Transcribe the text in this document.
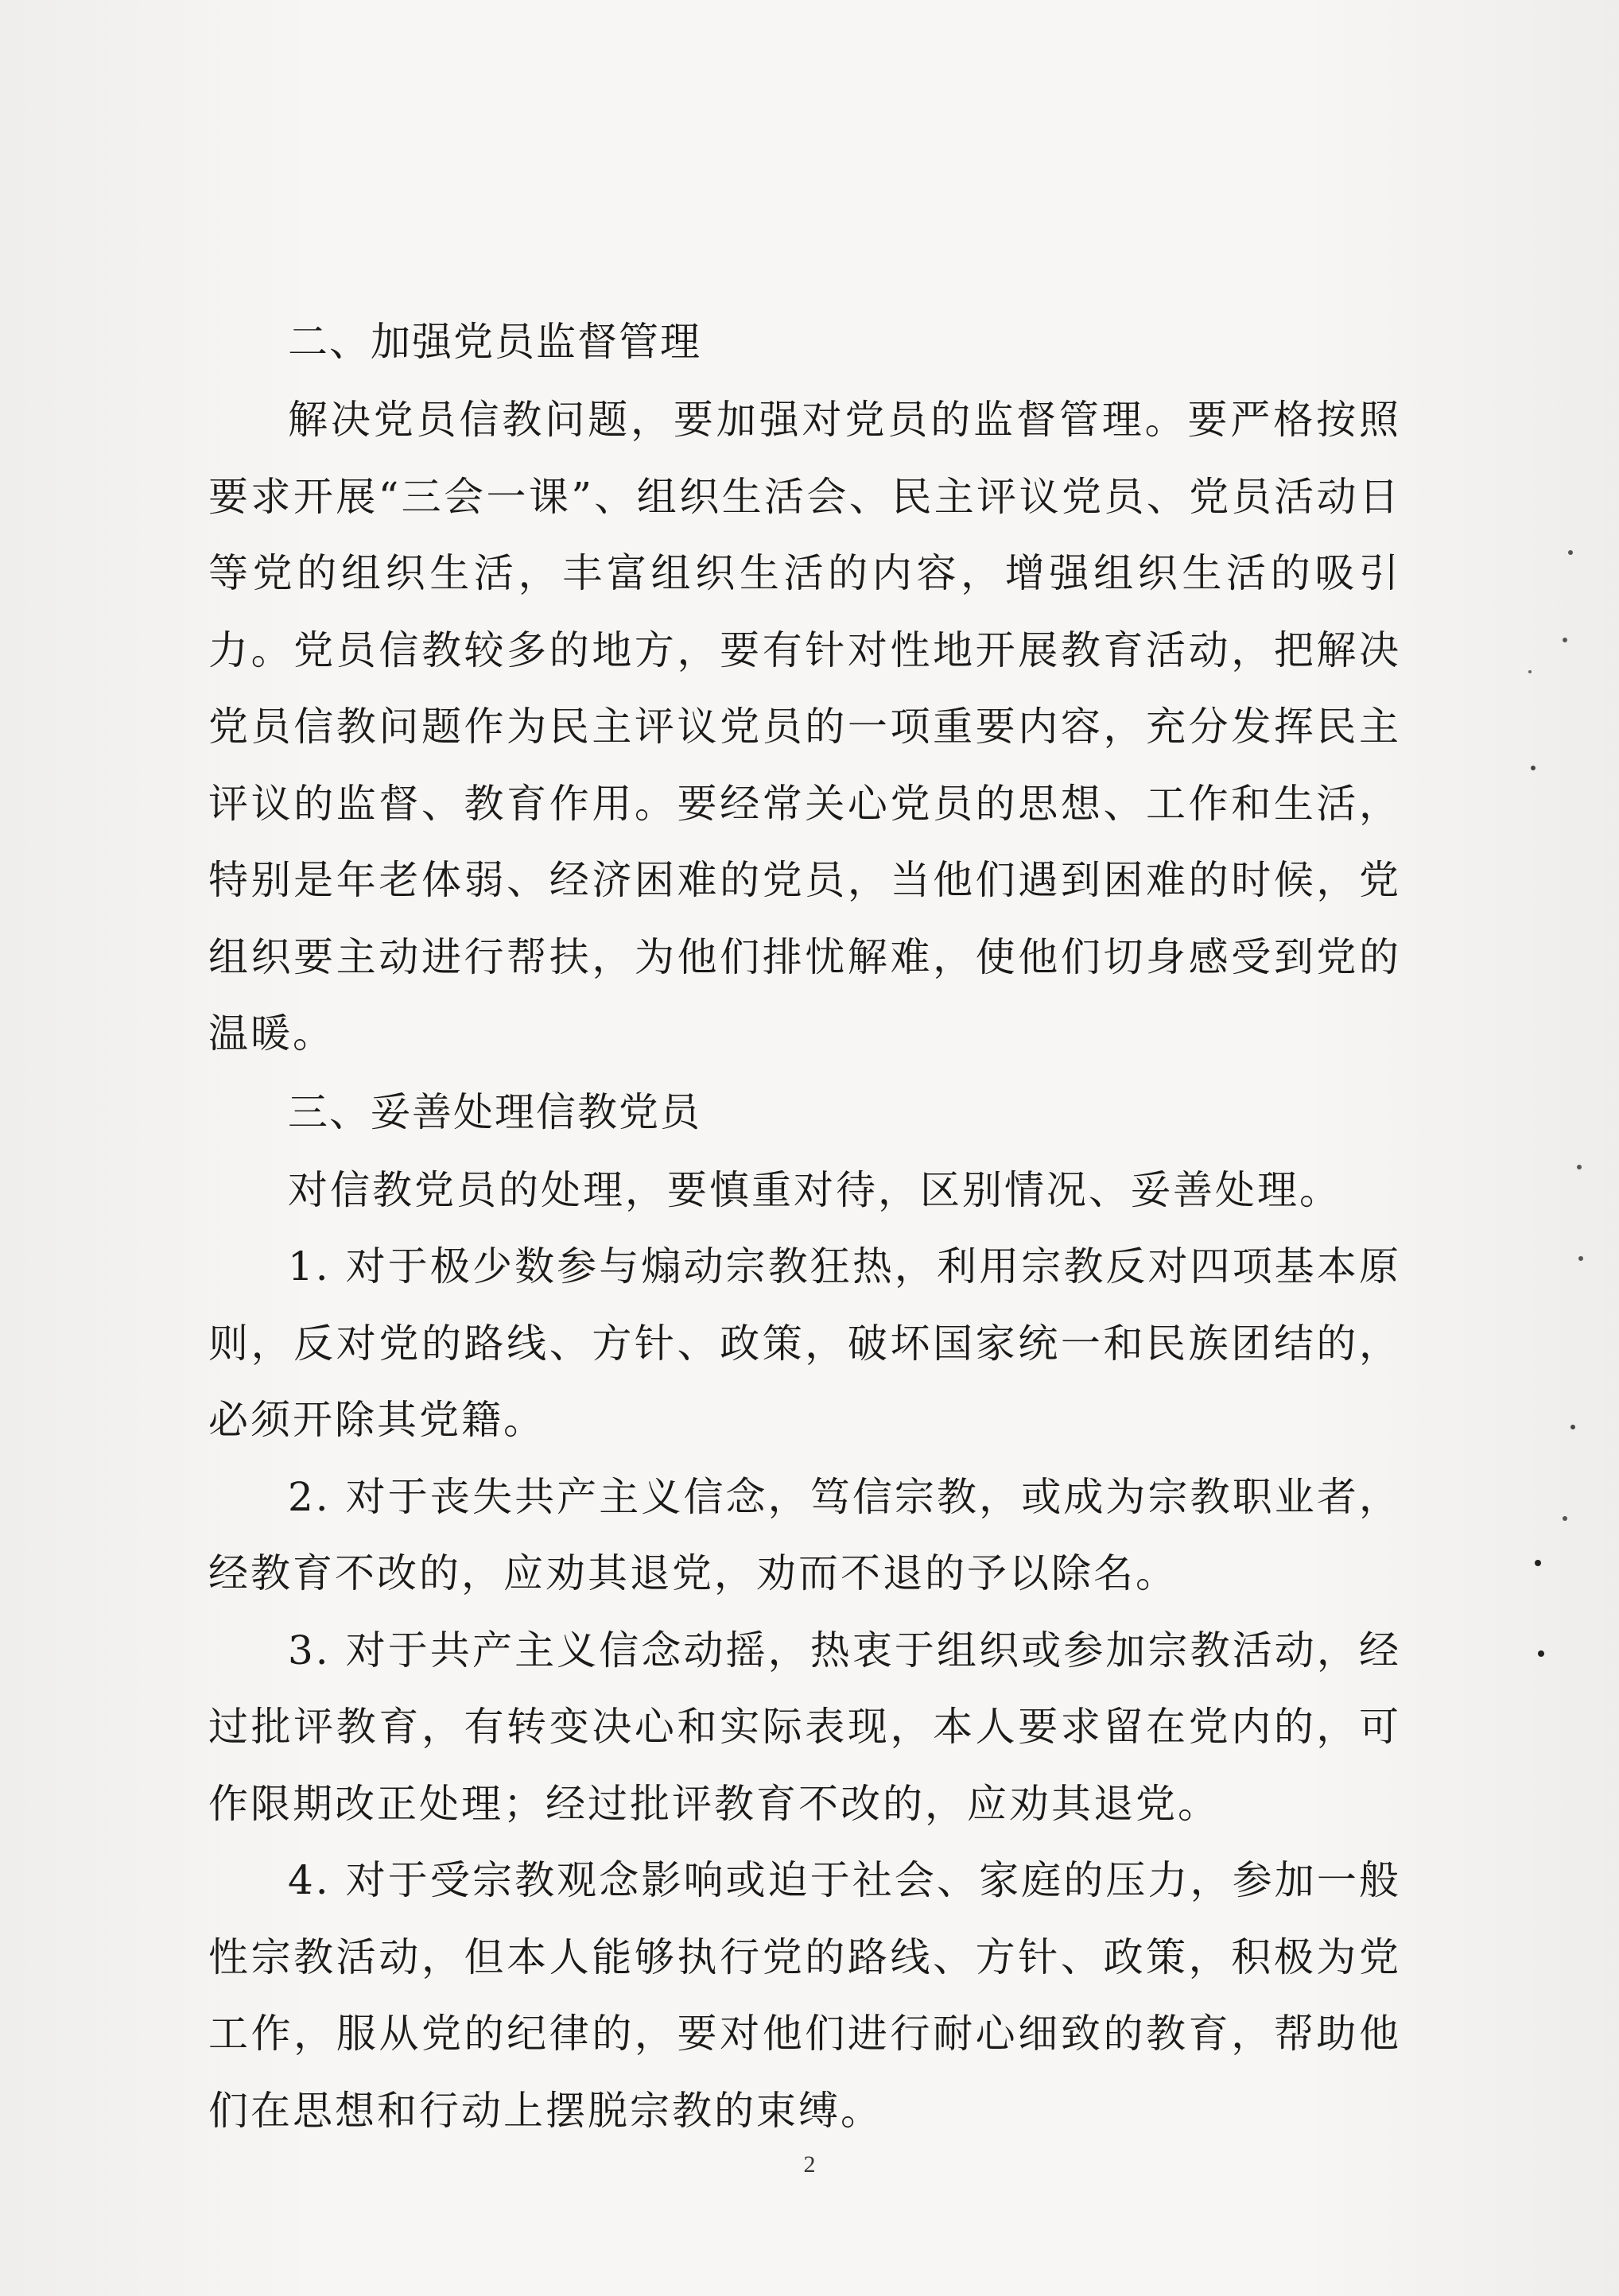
二、加强党员监督管理

解决党员信教问题，要加强对党员的监督管理。要严格按照要求开展“三会一课”、组织生活会、民主评议党员、党员活动日等党的组织生活，丰富组织生活的内容，增强组织生活的吸引力。党员信教较多的地方，要有针对性地开展教育活动，把解决党员信教问题作为民主评议党员的一项重要内容，充分发挥民主评议的监督、教育作用。要经常关心党员的思想、工作和生活，特别是年老体弱、经济困难的党员，当他们遇到困难的时候，党组织要主动进行帮扶，为他们排忧解难，使他们切身感受到党的温暖。

三、妥善处理信教党员

对信教党员的处理，要慎重对待，区别情况、妥善处理。

1. 对于极少数参与煽动宗教狂热，利用宗教反对四项基本原则，反对党的路线、方针、政策，破坏国家统一和民族团结的，必须开除其党籍。

2. 对于丧失共产主义信念，笃信宗教，或成为宗教职业者，经教育不改的，应劝其退党，劝而不退的予以除名。

3. 对于共产主义信念动摇，热衷于组织或参加宗教活动，经过批评教育，有转变决心和实际表现，本人要求留在党内的，可作限期改正处理；经过批评教育不改的，应劝其退党。

4. 对于受宗教观念影响或迫于社会、家庭的压力，参加一般性宗教活动，但本人能够执行党的路线、方针、政策，积极为党工作，服从党的纪律的，要对他们进行耐心细致的教育，帮助他们在思想和行动上摆脱宗教的束缚。

2
